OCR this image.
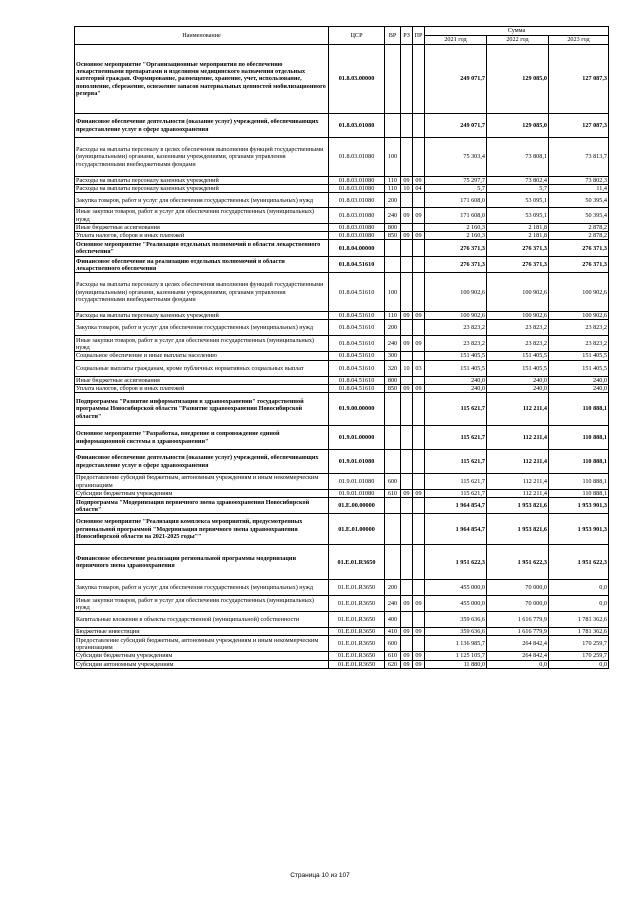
Наименование	ЦСР	ВР	РЗ	ПР	Сумма		
					2021 год	2022 год	2023 год
Основное мероприятие "Организационные мероприятия по обеспечению лекарственными препаратами и изделиями медицинского назначения отдельных категорий граждан. Формирование, размещение, хранение, учет, использование, пополнение, сбережение, освежение запасов материальных ценностей мобилизационного резерва"	01.8.03.00000				249 071,7	129 085,0	127 087,3
Финансовое обеспечение деятельности (оказание услуг) учреждений, обеспечивающих предоставление услуг в сфере здравоохранения	01.8.03.01080				249 071,7	129 085,0	127 087,3
Расходы на выплаты персоналу в целях обеспечения выполнения функций государственными (муниципальными) органами, казенными учреждениями, органами управления государственными внебюджетными фондами	01.8.03.01080	100			75 303,4	73 808,1	73 813,7
Расходы на выплаты персоналу казенных учреждений	01.8.03.01080	110	09	09	75 297,7	73 802,4	73 802,3
Расходы на выплаты персоналу казенных учреждений	01.8.03.01080	110	10	04	5,7	5,7	11,4
Закупка товаров, работ и услуг для обеспечения государственных (муниципальных) нужд	01.8.03.01080	200			171 608,0	53 095,1	50 395,4
Иные закупки товаров, работ и услуг для обеспечения государственных (муниципальных) нужд	01.8.03.01080	240	09	09	171 608,0	53 095,1	50 395,4
Иные бюджетные ассигнования	01.8.03.01080	800			2 160,3	2 181,8	2 878,2
Уплата налогов, сборов и иных платежей	01.8.03.01080	850	09	09	2 160,3	2 181,8	2 878,2
Основное мероприятие "Реализация отдельных полномочий в области лекарственного обеспечения"	01.8.04.00000				276 371,3	276 371,3	276 371,3
Финансовое обеспечение на реализацию отдельных полномочий в области лекарственного обеспечения	01.8.04.51610				276 371,3	276 371,3	276 371,3
Расходы на выплаты персоналу в целях обеспечения выполнения функций государственными (муниципальными) органами, казенными учреждениями, органами управления государственными внебюджетными фондами	01.8.04.51610	100			100 902,6	100 902,6	100 902,6
Расходы на выплаты персоналу казенных учреждений	01.8.04.51610	110	09	09	100 902,6	100 902,6	100 902,6
Закупка товаров, работ и услуг для обеспечения государственных (муниципальных) нужд	01.8.04.51610	200			23 823,2	23 823,2	23 823,2
Иные закупки товаров, работ и услуг для обеспечения государственных (муниципальных) нужд	01.8.04.51610	240	09	09	23 823,2	23 823,2	23 823,2
Социальное обеспечение и иные выплаты населению	01.8.04.51610	300			151 405,5	151 405,5	151 405,5
Социальные выплаты гражданам, кроме публичных нормативных социальных выплат	01.8.04.51610	320	10	03	151 405,5	151 405,5	151 405,5
Иные бюджетные ассигнования	01.8.04.51610	800			240,0	240,0	240,0
Уплата налогов, сборов и иных платежей	01.8.04.51610	850	09	09	240,0	240,0	240,0
Подпрограмма "Развитие информатизации в здравоохранении" государственной программы Новосибирской области "Развитие здравоохранения Новосибирской области"	01.9.00.00000				115 621,7	112 211,4	110 888,1
Основное мероприятие "Разработка, внедрение и сопровождение единой информационной системы в здравоохранении"	01.9.01.00000				115 621,7	112 211,4	110 888,1
Финансовое обеспечение деятельности (оказание услуг) учреждений, обеспечивающих предоставление услуг в сфере здравоохранения	01.9.01.01080				115 621,7	112 211,4	110 888,1
Предоставление субсидий бюджетным, автономным учреждениям и иным некоммерческим организациям	01.9.01.01080	600			115 621,7	112 211,4	110 888,1
Субсидии бюджетным учреждениям	01.9.01.01080	610	09	09	115 621,7	112 211,4	110 888,1
Подпрограмма "Модернизация первичного звена здравоохранения Новосибирской области"	01.Е.00.00000				1 964 854,7	1 953 821,6	1 953 901,3
Основное мероприятие "Реализация комплекса мероприятий, предусмотренных региональной программой "Модернизация первичного звена здравоохранения Новосибирской области на 2021-2025 годы""	01.Е.01.00000				1 964 854,7	1 953 821,6	1 953 901,3
Финансовое обеспечение реализации региональной программы модернизации первичного звена здравоохранения	01.Е.01.R3650				1 951 622,3	1 951 622,3	1 951 622,3
Закупка товаров, работ и услуг для обеспечения государственных (муниципальных) нужд	01.Е.01.R3650	200			455 000,0	70 000,0	0,0
Иные закупки товаров, работ и услуг для обеспечения государственных (муниципальных) нужд	01.Е.01.R3650	240	09	09	455 000,0	70 000,0	0,0
Капитальные вложения в объекты государственной (муниципальной) собственности	01.Е.01.R3650	400			359 636,6	1 616 779,9	1 781 362,6
Бюджетные инвестиции	01.Е.01.R3650	410	09	09	359 636,6	1 616 779,9	1 781 362,6
Предоставление субсидий бюджетным, автономным учреждениям и иным некоммерческим организациям	01.Е.01.R3650	600			1 136 985,7	264 842,4	170 259,7
Субсидии бюджетным учреждениям	01.Е.01.R3650	610	09	09	1 125 105,7	264 842,4	170 259,7
Субсидии автономным учреждениям	01.Е.01.R3650	620	09	09	11 880,0	0,0	0,0
Страница 10 из 107
